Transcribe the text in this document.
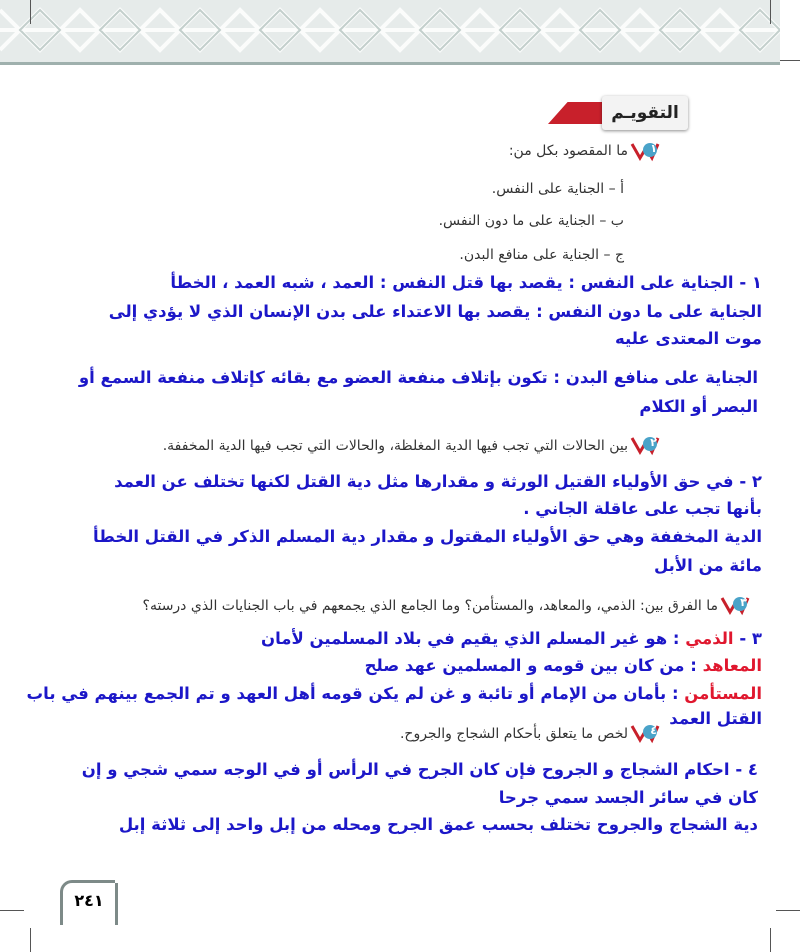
التقويـم
١
ما المقصود بكل من:
أ – الجناية على النفس.
ب – الجناية على ما دون النفس.
ج – الجناية على منافع البدن.
١ - الجناية على النفس : يقصد بها قتل النفس : العمد ، شبه العمد ، الخطأ
الجناية على ما دون النفس : يقصد بها الاعتداء على بدن الإنسان الذي لا يؤدي إلى
موت المعتدى عليه
الجناية على منافع البدن : تكون بإتلاف منفعة العضو مع بقائه كإتلاف منفعة السمع أو
البصر أو الكلام
٢
بين الحالات التي تجب فيها الدية المغلظة، والحالات التي تجب فيها الدية المخففة.
٢ - في حق الأولياء القتيل الورثة و مقدارها مثل دية القتل لكنها تختلف عن العمد
بأنها تجب على عاقلة الجاني .
الدية المخففة وهي حق الأولياء المقتول و مقدار دية المسلم الذكر في القتل الخطأ
مائة من الأبل
٣
ما الفرق بين: الذمي، والمعاهد، والمستأمن؟ وما الجامع الذي يجمعهم في باب الجنايات الذي درسته؟
٣ - الذمي : هو غير المسلم الذي يقيم في بلاد المسلمين لأمان
المعاهد : من كان بين قومه و المسلمين عهد صلح
المستأمن : بأمان من الإمام أو تائبة و غن لم يكن قومه أهل العهد و تم الجمع بينهم في باب
القتل العمد
٤
لخص ما يتعلق بأحكام الشجاج والجروح.
٤ - احكام الشجاج و الجروح فإن كان الجرح في الرأس أو في الوجه سمي شجي و إن
كان في سائر الجسد سمي جرحا
دية الشجاج والجروح تختلف بحسب عمق الجرح ومحله من إبل واحد إلى ثلاثة إبل
٢٤١
